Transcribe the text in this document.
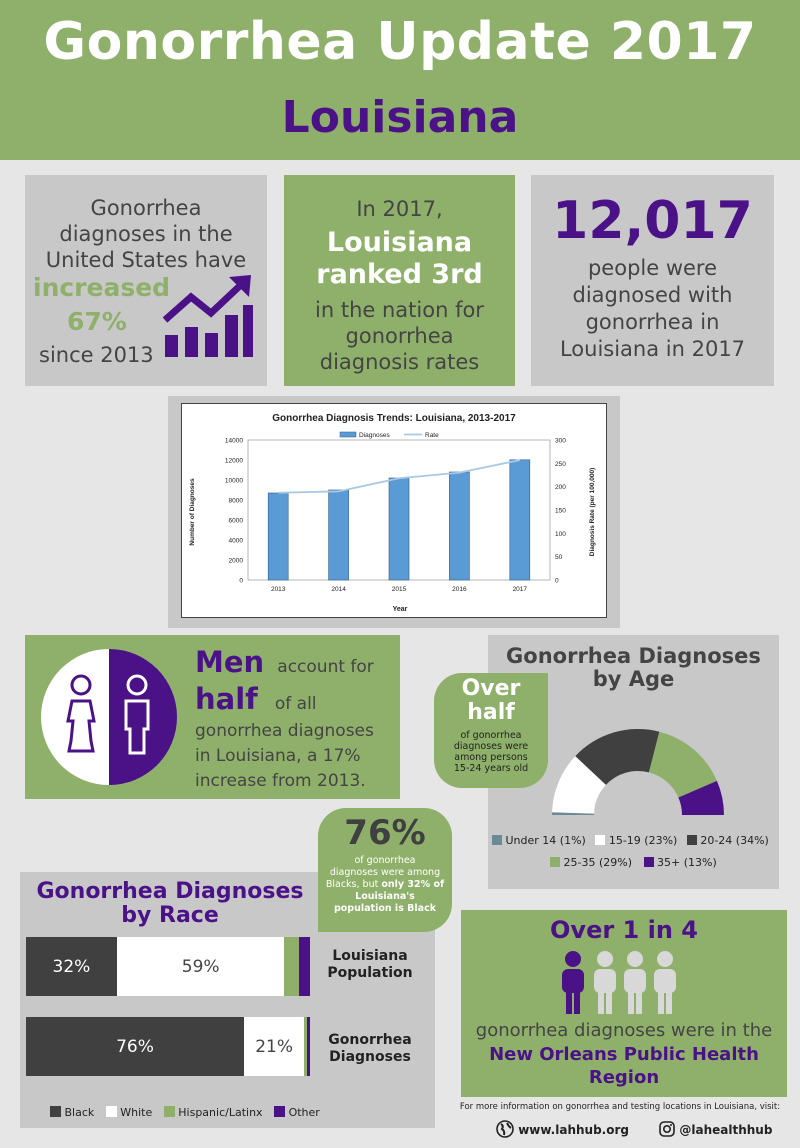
Gonorrhea Update 2017
Louisiana
Gonorrhea
diagnoses in the
United States have
increased
67%
since 2013
In 2017,
Louisiana
ranked 3rd
in the nation for
gonorrhea
diagnosis rates
12,017
people were
diagnosed with
gonorrhea in
Louisiana in 2017
Gonorrhea Diagnosis Trends: Louisiana, 2013-2017
Diagnoses	Rate
0
2000
4000
6000
8000
10000
12000
14000
0
50
100
150
200
250
300
2013	2014	2015	2016	2017
Year
Number of Diagnoses	Diagnosis Rate (per 100,000)
Men account for
half of all
gonorrhea diagnoses
in Louisiana, a 17%
increase from 2013.
Gonorrhea Diagnoses
by Age
Under 14 (1%) 15-19 (23%) 20-24 (34%)
25-35 (29%) 35+ (13%)
Over
half
of gonorrhea
diagnoses were
among persons
15-24 years old
Gonorrhea Diagnoses
by Race
32%	59%
Louisiana
Population
76%	21%	Gonorrhea
Diagnoses
Black White Hispanic/Latinx Other
76%
of gonorrhea
diagnoses were among
Blacks, but only 32% of
Louisiana's
population is Black
Over 1 in 4
gonorrhea diagnoses were in the
New Orleans Public Health
Region
For more information on gonorrhea and testing locations in Louisiana, visit:
www.lahhub.org	@lahealthhub
